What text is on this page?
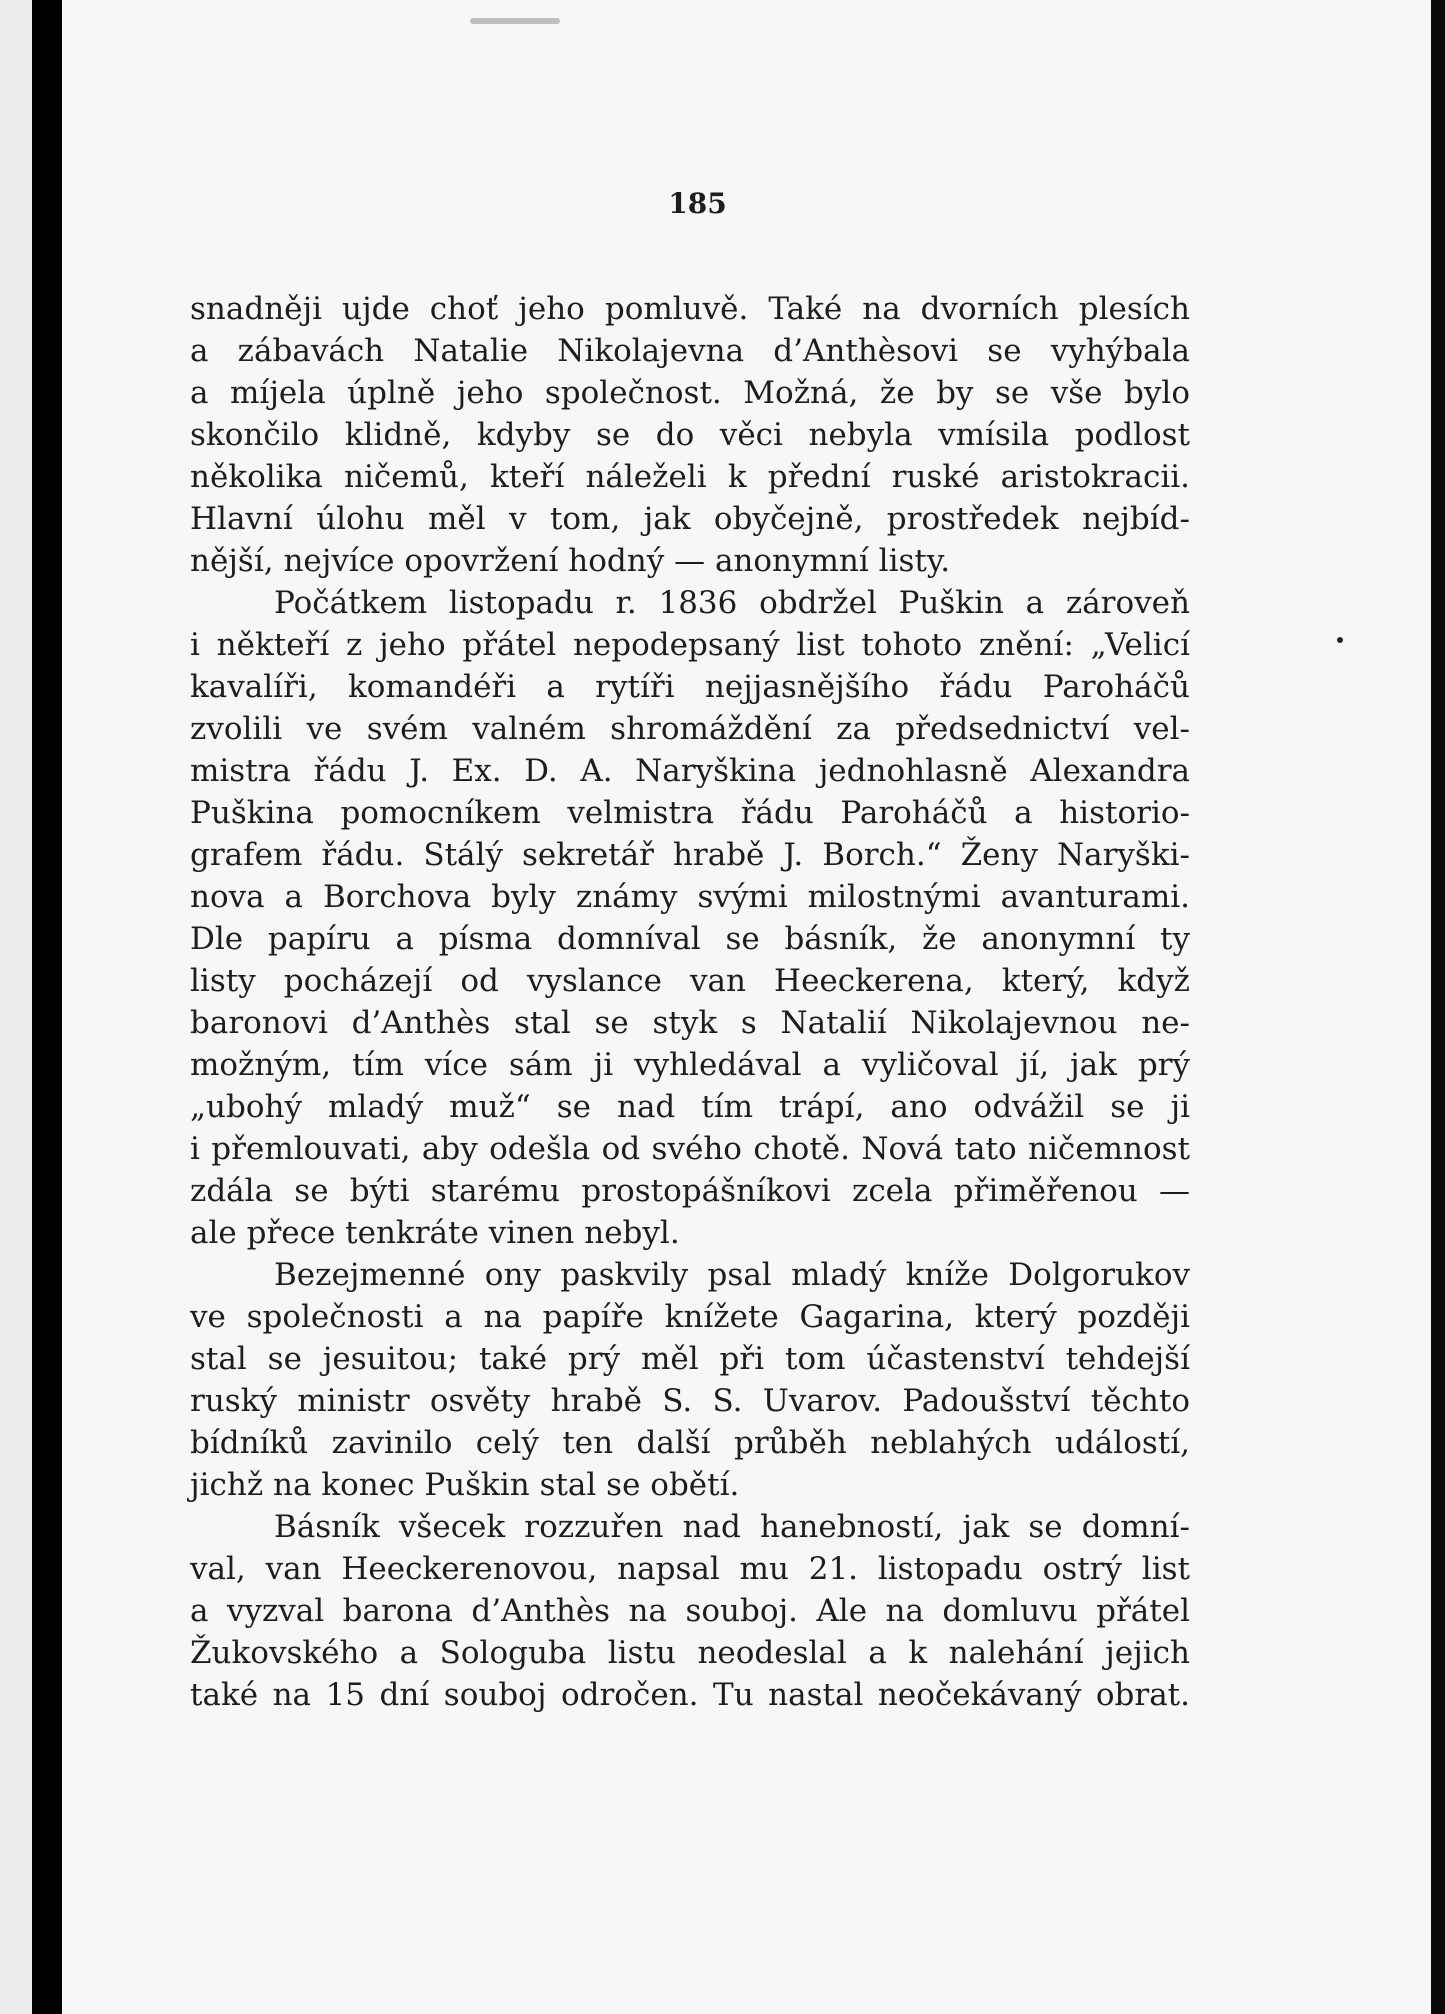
185
snadněji ujde choť jeho pomluvě. Také na dvorních plesích
a zábavách Natalie Nikolajevna d’Anthèsovi se vyhýbala
a míjela úplně jeho společnost. Možná, že by se vše bylo
skončilo klidně, kdyby se do věci nebyla vmísila podlost
několika ničemů, kteří náleželi k přední ruské aristokracii.
Hlavní úlohu měl v tom, jak obyčejně, prostředek nejbíd-
nější, nejvíce opovržení hodný — anonymní listy.
Počátkem listopadu r. 1836 obdržel Puškin a zároveň
i někteří z jeho přátel nepodepsaný list tohoto znění: „Velicí
kavalíři, komandéři a rytíři nejjasnějšího řádu Paroháčů
zvolili ve svém valném shromáždění za předsednictví vel-
mistra řádu J. Ex. D. A. Naryškina jednohlasně Alexandra
Puškina pomocníkem velmistra řádu Paroháčů a historio-
grafem řádu. Stálý sekretář hrabě J. Borch.“ Ženy Naryški-
nova a Borchova byly známy svými milostnými avanturami.
Dle papíru a písma domníval se básník, že anonymní ty
listy pocházejí od vyslance van Heeckerena, který, když
baronovi d’Anthès stal se styk s Natalií Nikolajevnou ne-
možným, tím více sám ji vyhledával a vyličoval jí, jak prý
„ubohý mladý muž“ se nad tím trápí, ano odvážil se ji
i přemlouvati, aby odešla od svého chotě. Nová tato ničemnost
zdála se býti starému prostopášníkovi zcela přiměřenou —
ale přece tenkráte vinen nebyl.
Bezejmenné ony paskvily psal mladý kníže Dolgorukov
ve společnosti a na papíře knížete Gagarina, který později
stal se jesuitou; také prý měl při tom účastenství tehdejší
ruský ministr osvěty hrabě S. S. Uvarov. Padoušství těchto
bídníků zavinilo celý ten další průběh neblahých událostí,
jichž na konec Puškin stal se obětí.
Básník všecek rozzuřen nad hanebností, jak se domní-
val, van Heeckerenovou, napsal mu 21. listopadu ostrý list
a vyzval barona d’Anthès na souboj. Ale na domluvu přátel
Žukovského a Sologuba listu neodeslal a k nalehání jejich
také na 15 dní souboj odročen. Tu nastal neočekávaný obrat.
